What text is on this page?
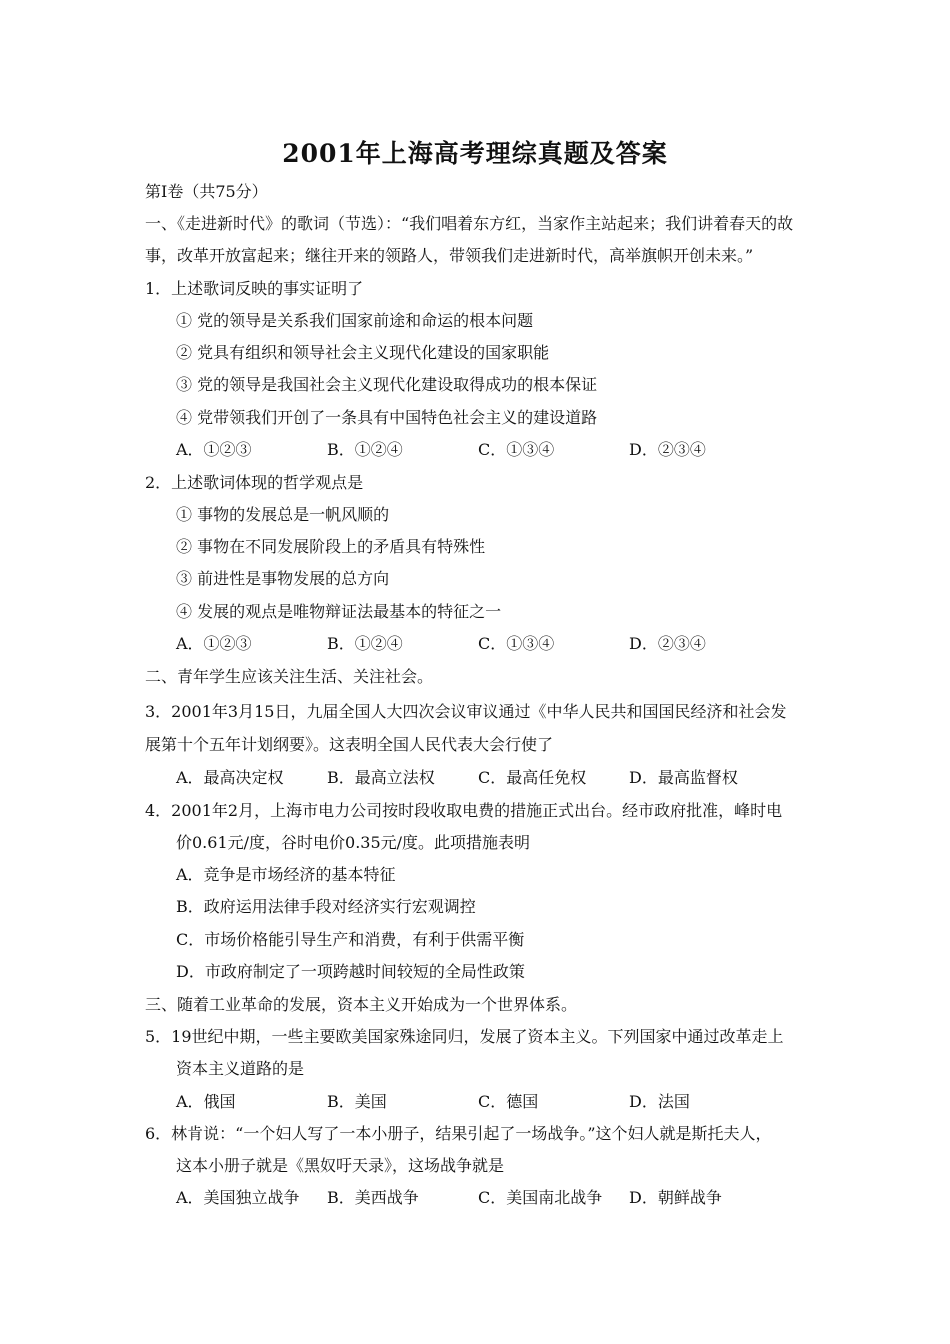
2001年上海高考理综真题及答案
第Ⅰ卷（共75分）
一、《走进新时代》的歌词（节选）：“我们唱着东方红，当家作主站起来；我们讲着春天的故
事，改革开放富起来；继往开来的领路人，带领我们走进新时代，高举旗帜开创未来。”
1．上述歌词反映的事实证明了
① 党的领导是关系我们国家前途和命运的根本问题
② 党具有组织和领导社会主义现代化建设的国家职能
③ 党的领导是我国社会主义现代化建设取得成功的根本保证
④ 党带领我们开创了一条具有中国特色社会主义的建设道路
A．①②③	B．①②④	C．①③④	D．②③④
2．上述歌词体现的哲学观点是
① 事物的发展总是一帆风顺的
② 事物在不同发展阶段上的矛盾具有特殊性
③ 前进性是事物发展的总方向
④ 发展的观点是唯物辩证法最基本的特征之一
A．①②③	B．①②④	C．①③④	D．②③④
二、青年学生应该关注生活、关注社会。
3．2001年3月15日，九届全国人大四次会议审议通过《中华人民共和国国民经济和社会发
展第十个五年计划纲要》。这表明全国人民代表大会行使了
A．最高决定权	B．最高立法权	C．最高任免权	D．最高监督权
4．2001年2月，上海市电力公司按时段收取电费的措施正式出台。经市政府批准，峰时电
价0.61元/度，谷时电价0.35元/度。此项措施表明
A．竞争是市场经济的基本特征
B．政府运用法律手段对经济实行宏观调控
C．市场价格能引导生产和消费，有利于供需平衡
D．市政府制定了一项跨越时间较短的全局性政策
三、随着工业革命的发展，资本主义开始成为一个世界体系。
5．19世纪中期，一些主要欧美国家殊途同归，发展了资本主义。下列国家中通过改革走上
资本主义道路的是
A．俄国	B．美国	C．德国	D．法国
6．林肯说：“一个妇人写了一本小册子，结果引起了一场战争。”这个妇人就是斯托夫人，
这本小册子就是《黑奴吁天录》，这场战争就是
A．美国独立战争 B．美西战争	C．美国南北战争 D．朝鲜战争
